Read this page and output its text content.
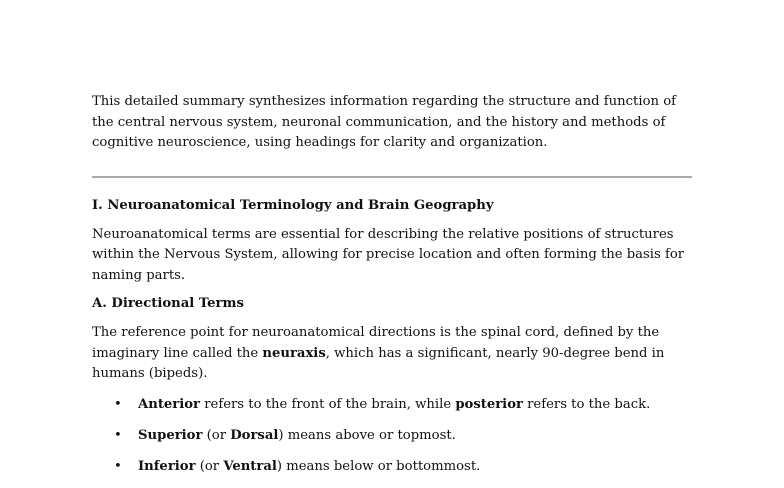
This detailed summary synthesizes information regarding the structure and function of the central nervous system, neuronal communication, and the history and methods of cognitive neuroscience, using headings for clarity and organization.

I. Neuroanatomical Terminology and Brain Geography

Neuroanatomical terms are essential for describing the relative positions of structures within the Nervous System, allowing for precise location and often forming the basis for naming parts.

A. Directional Terms

The reference point for neuroanatomical directions is the spinal cord, defined by the imaginary line called the neuraxis, which has a significant, nearly 90-degree bend in humans (bipeds).

• Anterior refers to the front of the brain, while posterior refers to the back.
• Superior (or Dorsal) means above or topmost.
• Inferior (or Ventral) means below or bottommost.
